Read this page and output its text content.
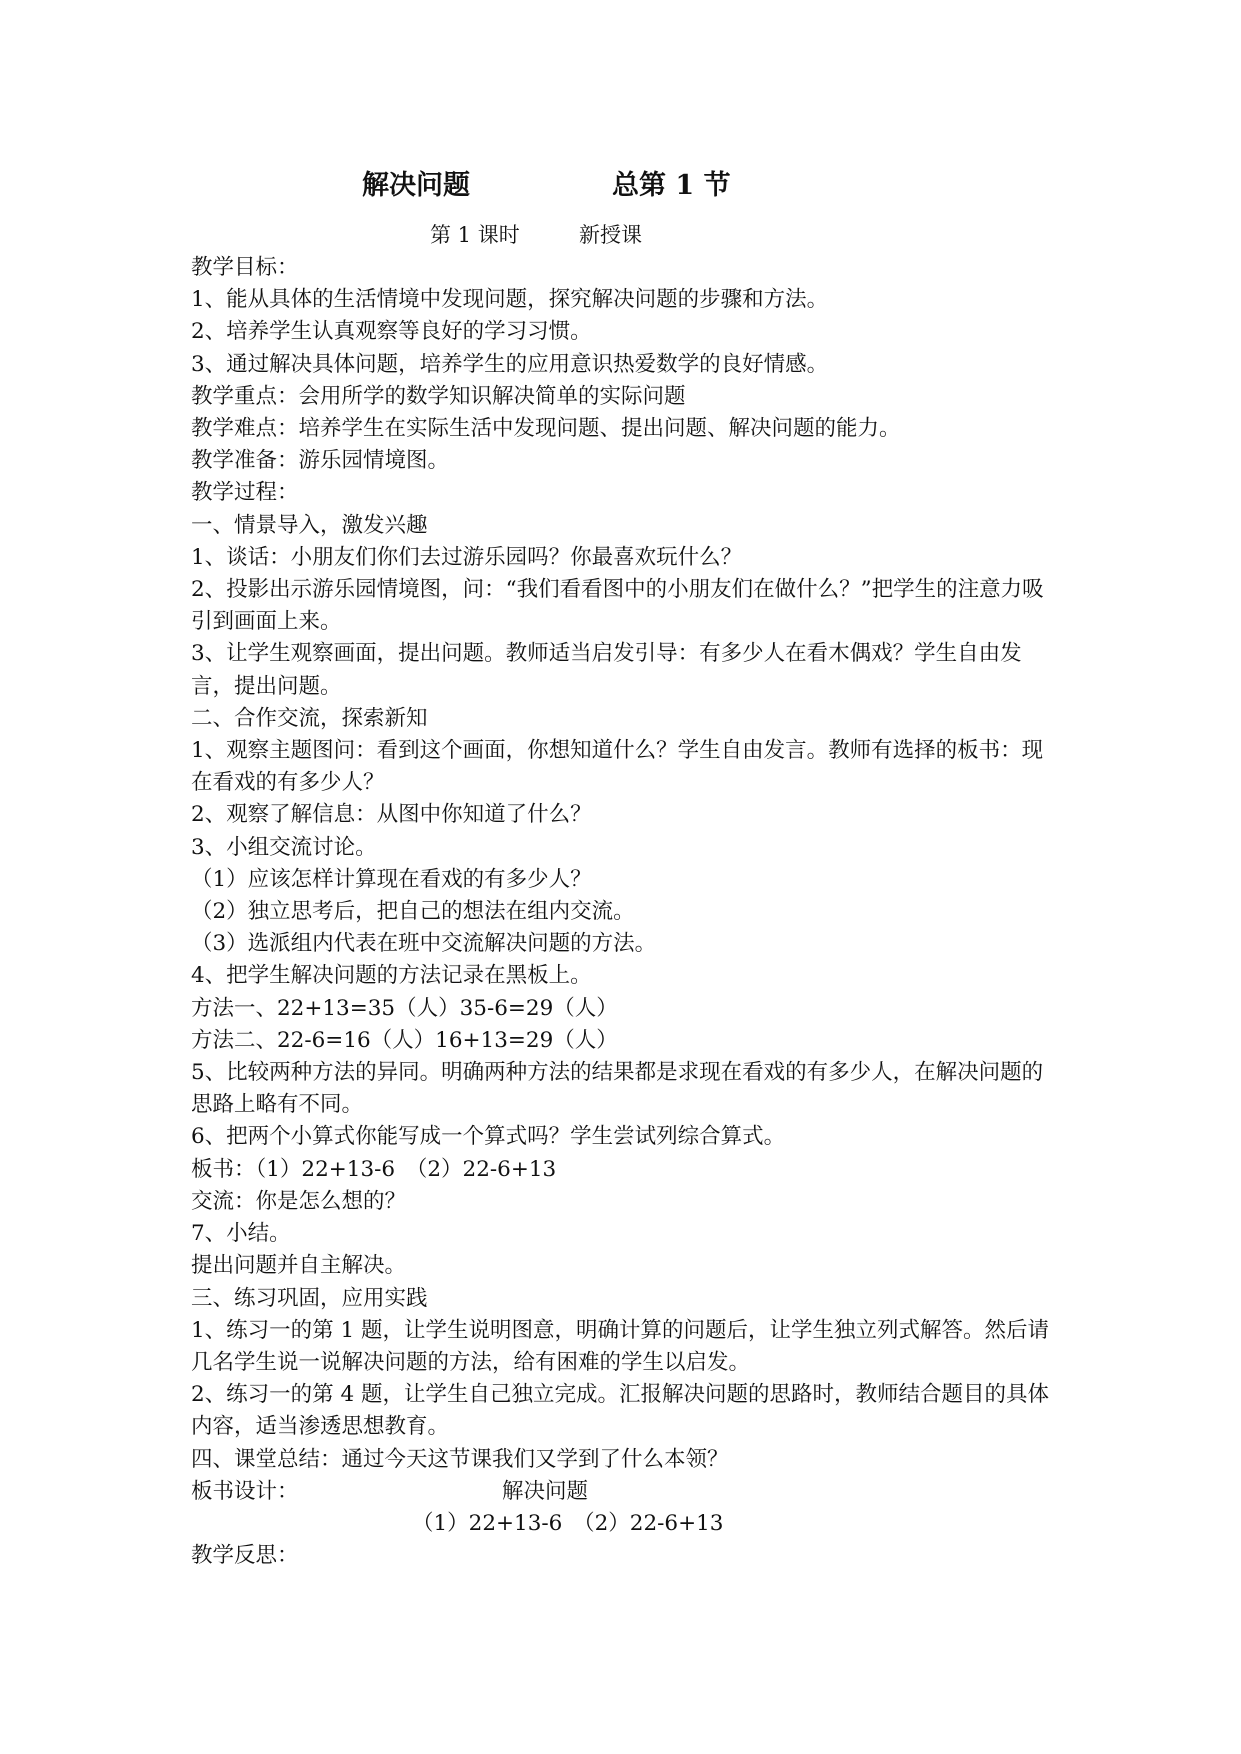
解决问题	总第 1 节
第 1 课时	新授课
教学目标：
1、能从具体的生活情境中发现问题，探究解决问题的步骤和方法。
2、培养学生认真观察等良好的学习习惯。
3、通过解决具体问题，培养学生的应用意识热爱数学的良好情感。
教学重点：会用所学的数学知识解决简单的实际问题
教学难点：培养学生在实际生活中发现问题、提出问题、解决问题的能力。
教学准备：游乐园情境图。
教学过程：
一、情景导入，激发兴趣
1、谈话：小朋友们你们去过游乐园吗？你最喜欢玩什么？
2、投影出示游乐园情境图，问：“我们看看图中的小朋友们在做什么？”把学生的注意力吸引到画面上来。
3、让学生观察画面，提出问题。教师适当启发引导：有多少人在看木偶戏？学生自由发言，提出问题。
二、合作交流，探索新知
1、观察主题图问：看到这个画面，你想知道什么？学生自由发言。教师有选择的板书：现在看戏的有多少人？
2、观察了解信息：从图中你知道了什么？
3、小组交流讨论。
（1）应该怎样计算现在看戏的有多少人？
（2）独立思考后，把自己的想法在组内交流。
（3）选派组内代表在班中交流解决问题的方法。
4、把学生解决问题的方法记录在黑板上。
方法一、22+13=35（人）35-6=29（人）
方法二、22-6=16（人）16+13=29（人）
5、比较两种方法的异同。明确两种方法的结果都是求现在看戏的有多少人，在解决问题的思路上略有不同。
6、把两个小算式你能写成一个算式吗？学生尝试列综合算式。
板书：（1）22+13-6　（2）22-6+13
交流：你是怎么想的？
7、小结。
提出问题并自主解决。
三、练习巩固，应用实践
1、练习一的第 1 题，让学生说明图意，明确计算的问题后，让学生独立列式解答。然后请几名学生说一说解决问题的方法，给有困难的学生以启发。
2、练习一的第 4 题，让学生自己独立完成。汇报解决问题的思路时，教师结合题目的具体内容，适当渗透思想教育。
四、课堂总结：通过今天这节课我们又学到了什么本领？
板书设计：	解决问题
（1）22+13-6　（2）22-6+13
教学反思：
